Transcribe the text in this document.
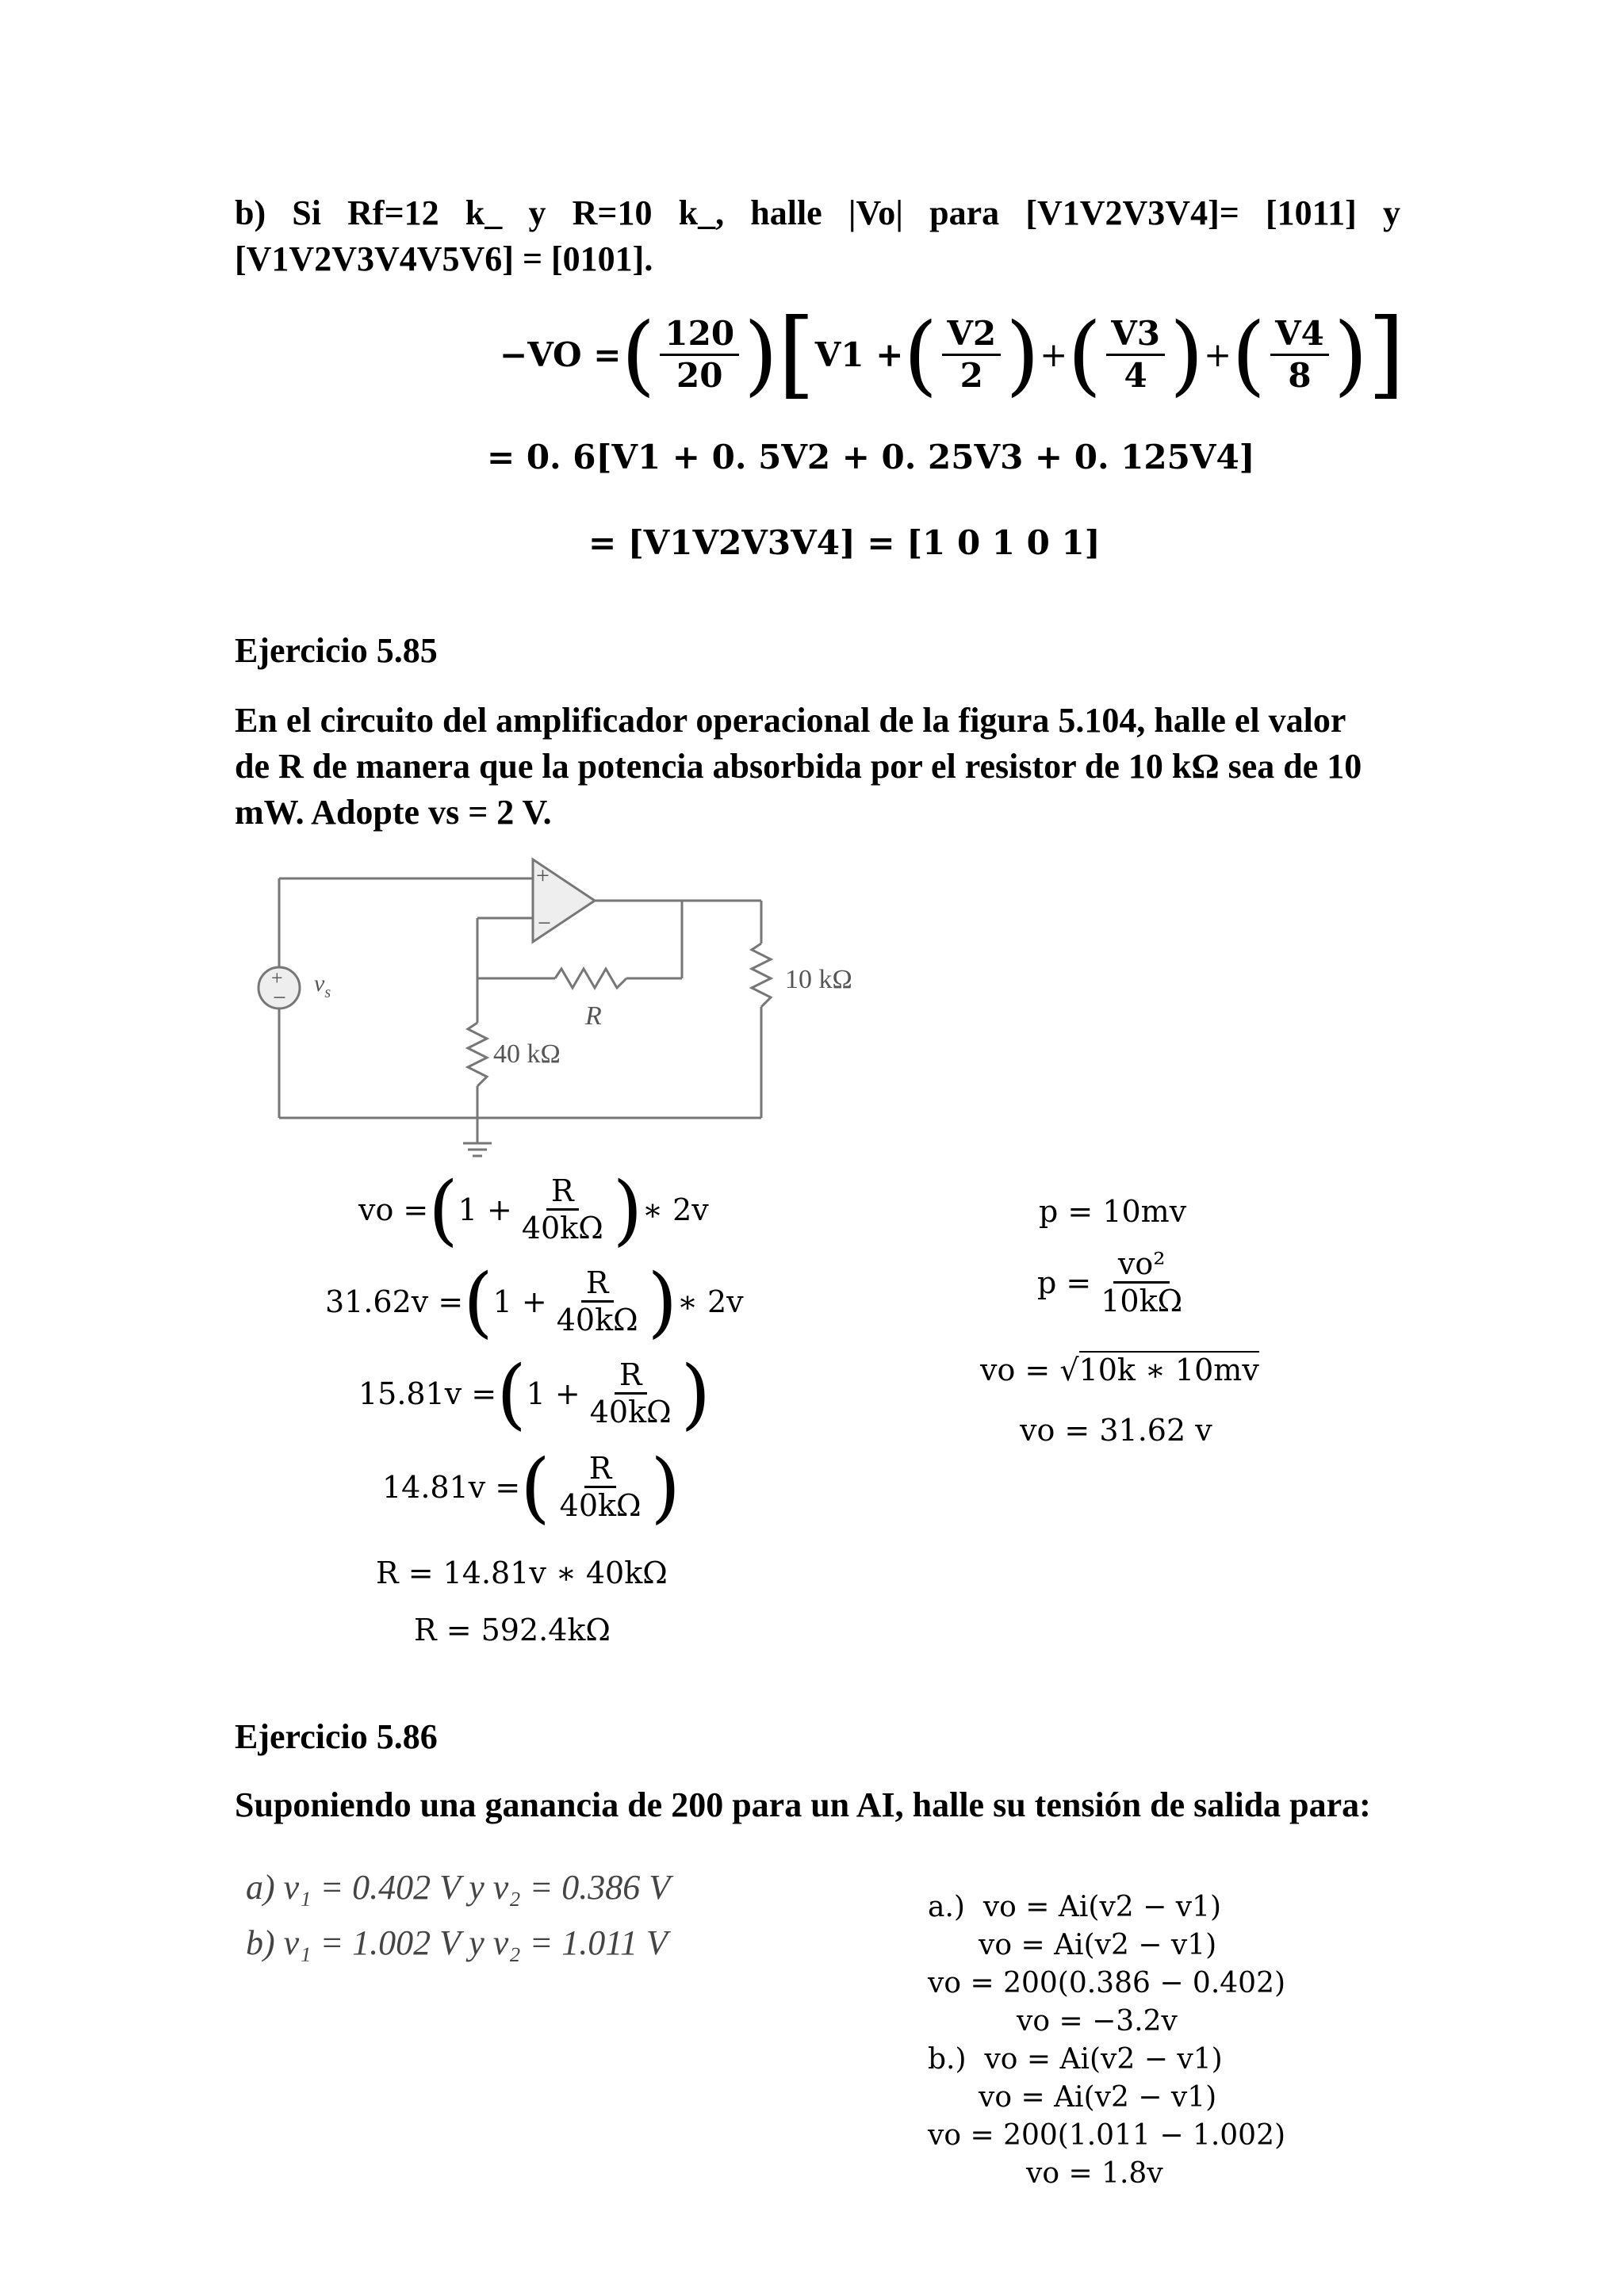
b) Si Rf=12 k_ y R=10 k_, halle |Vo| para [V1V2V3V4]= [1011] y
[V1V2V3V4V5V6] = [0101].
−VO = ( $\frac{120}{20}$ ) [ V1 + ( $\frac{V2}{2}$ ) + ( $\frac{V3}{4}$ ) + ( $\frac{V4}{8}$ ) ]
= 0. 6[V1 + 0. 5V2 + 0. 25V3 + 0. 125V4]
= [V1V2V3V4] = [1 0 1 0 1]
Ejercicio 5.85
En el circuito del amplificador operacional de la figura 5.104, halle el valor
de R de manera que la potencia absorbida por el resistor de 10 kΩ sea de 10
mW. Adopte vs = 2 V.
+
−
+
−
$v_s$
R
40 kΩ
10 kΩ
vo = ( $1 + \frac{R}{40k\Omega}$ ) ∗ 2v
31.62v = ( $1 + \frac{R}{40k\Omega}$ ) ∗ 2v
15.81v = ( $1 + \frac{R}{40k\Omega}$ )
14.81v = ( $\frac{R}{40k\Omega}$ )
R = 14.81v ∗ 40kΩ
R = 592.4kΩ
p = 10mv
$p = \frac{\text{vo²}}{10k\Omega}$
vo = √10k ∗ 10mv
vo = 31.62 v
Ejercicio 5.86
Suponiendo una ganancia de 200 para un AI, halle su tensión de salida para:
a) v₁ = 0.402 V y v₂ = 0.386 V
b) v₁ = 1.002 V y v₂ = 1.011 V
a.) vo = Ai(v2 − v1)
vo = Ai(v2 − v1)
vo = 200(0.386 − 0.402)
vo = −3.2v
b.) vo = Ai(v2 − v1)
vo = Ai(v2 − v1)
vo = 200(1.011 − 1.002)
vo = 1.8v
